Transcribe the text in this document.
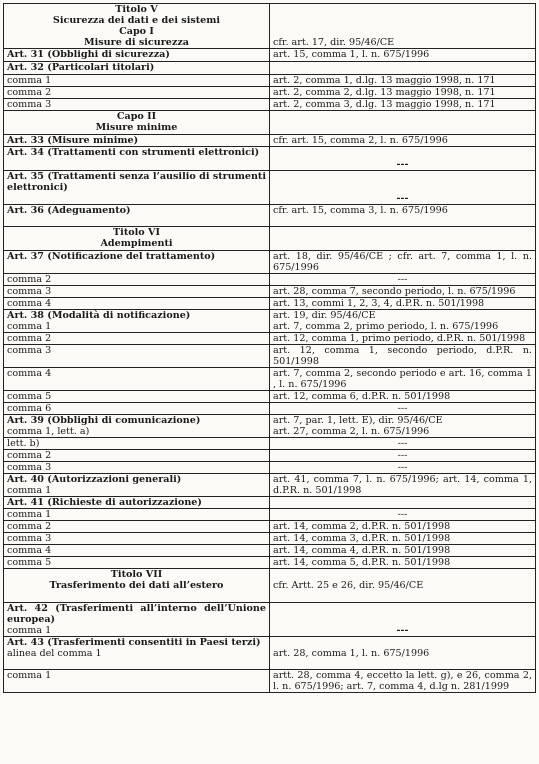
Titolo V
Sicurezza dei dati e dei sistemi
Capo I
Misure di sicurezza	cfr. art. 17, dir. 95/46/CE

Art. 31 (Obblighi di sicurezza)	art. 15, comma 1, l. n. 675/1996

Art. 32 (Particolari titolari)	

comma 1	art. 2, comma 1, d.lg. 13 maggio 1998, n. 171

comma 2	art. 2, comma 2, d.lg. 13 maggio 1998, n. 171

comma 3	art. 2, comma 3, d.lg. 13 maggio 1998, n. 171

Capo II
Misure minime	

Art. 33 (Misure minime)	cfr. art. 15, comma 2, l. n. 675/1996

Art. 34 (Trattamenti con strumenti elettronici)	---

Art. 35 (Trattamenti senza l’ausilio di strumenti elettronici)	---

Art. 36 (Adeguamento)	cfr. art. 15, comma 3, l. n. 675/1996

Titolo VI
Adempimenti	

Art. 37 (Notificazione del trattamento)	art. 18, dir. 95/46/CE ; cfr. art. 7, comma 1, l. n. 675/1996

comma 2	---

comma 3	art. 28, comma 7, secondo periodo, l. n. 675/1996

comma 4	art. 13, commi 1, 2, 3, 4, d.P.R. n. 501/1998

Art. 38 (Modalità di notificazione)
comma 1	art. 19, dir. 95/46/CE
art. 7, comma 2, primo periodo, l. n. 675/1996

comma 2	art. 12, comma 1, primo periodo, d.P.R. n. 501/1998

comma 3	art. 12, comma 1, secondo periodo, d.P.R. n. 501/1998

comma 4	art. 7, comma 2, secondo periodo e art. 16, comma 1 , l. n. 675/1996

comma 5	art. 12, comma 6, d.P.R. n. 501/1998

comma 6	---

Art. 39 (Obblighi di comunicazione)
comma 1, lett. a)	art. 7, par. 1, lett. E), dir. 95/46/CE
art. 27, comma 2, l. n. 675/1996

lett. b)	---

comma 2	---

comma 3	---

Art. 40 (Autorizzazioni generali)
comma 1	art. 41, comma 7, l. n. 675/1996; art. 14, comma 1, d.P.R. n. 501/1998

Art. 41 (Richieste di autorizzazione)	

comma 1	---

comma 2	art. 14, comma 2, d.P.R. n. 501/1998

comma 3	art. 14, comma 3, d.P.R. n. 501/1998

comma 4	art. 14, comma 4, d.P.R. n. 501/1998

comma 5	art. 14, comma 5, d.P.R. n. 501/1998

Titolo VII
Trasferimento dei dati all’estero	cfr. Artt. 25 e 26, dir. 95/46/CE

Art. 42 (Trasferimenti all’interno dell’Unione europea)
comma 1	---

Art. 43 (Trasferimenti consentiti in Paesi terzi)
alinea del comma 1	art. 28, comma 1, l. n. 675/1996

comma 1	artt. 28, comma 4, eccetto la lett. g), e 26, comma 2, l. n. 675/1996; art. 7, comma 4, d.lg n. 281/1999
